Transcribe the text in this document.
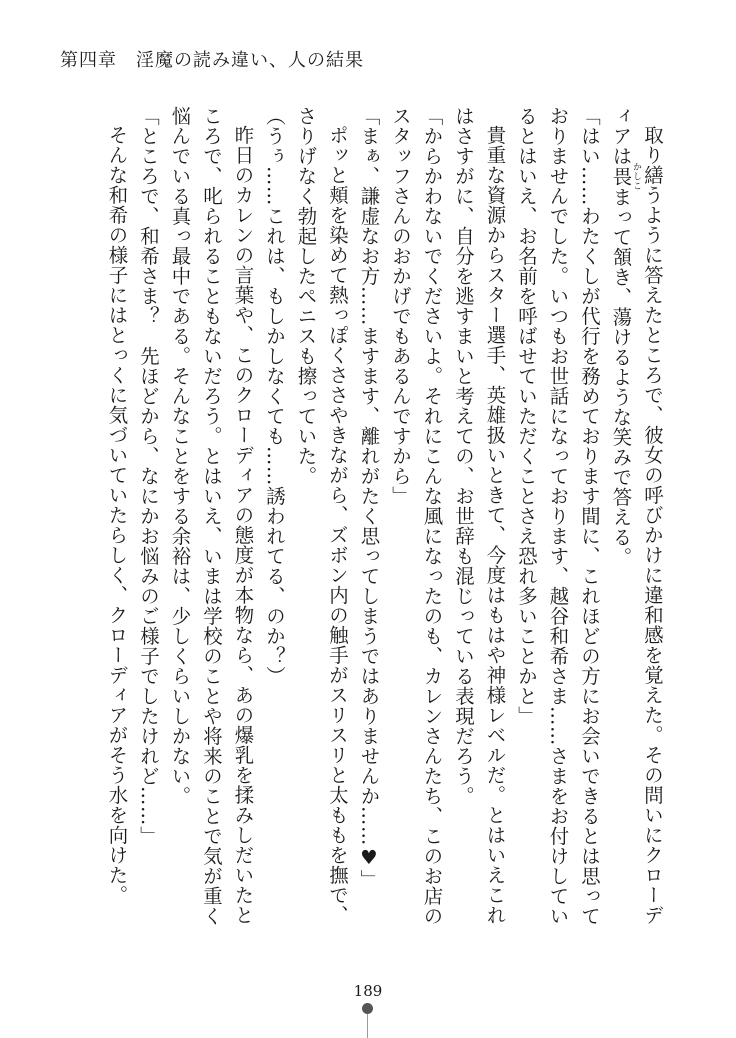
第四章　淫魔の読み違い、人の結果

取り繕うように答えたところで、彼女の呼びかけに違和感を覚えた。その問いにクローディアは畏かしこまって頷き、蕩けるような笑みで答える。

「はい……わたくしが代行を務めております間に、これほどの方にお会いできるとは思っておりませんでした。いつもお世話になっております、越谷和希さま……さまをお付けしているとはいえ、お名前を呼ばせていただくことさえ恐れ多いことかと」

貴重な資源からスター選手、英雄扱いときて、今度はもはや神様レベルだ。とはいえこれはさすがに、自分を逃すまいと考えての、お世辞も混じっている表現だろう。

「からかわないでくださいよ。それにこんな風になったのも、カレンさんたち、このお店のスタッフさんのおかげでもあるんですから」

「まぁ、謙虚なお方……ますます、離れがたく思ってしまうではありませんか……♥」

ポッと頬を染めて熱っぽくささやきながら、ズボン内の触手がスリスリと太ももを撫で、さりげなく勃起したペニスも擦っていた。

（うぅ……これは、もしかしなくても……誘われてる、のか？）

昨日のカレンの言葉や、このクローディアの態度が本物なら、あの爆乳を揉みしだいたところで、叱られることもないだろう。とはいえ、いまは学校のことや将来のことで気が重く悩んでいる真っ最中である。そんなことをする余裕は、少しくらいしかない。

「ところで、和希さま？　先ほどから、なにかお悩みのご様子でしたけれど……」

そんな和希の様子にはとっくに気づいていたらしく、クローディアがそう水を向けた。

189
